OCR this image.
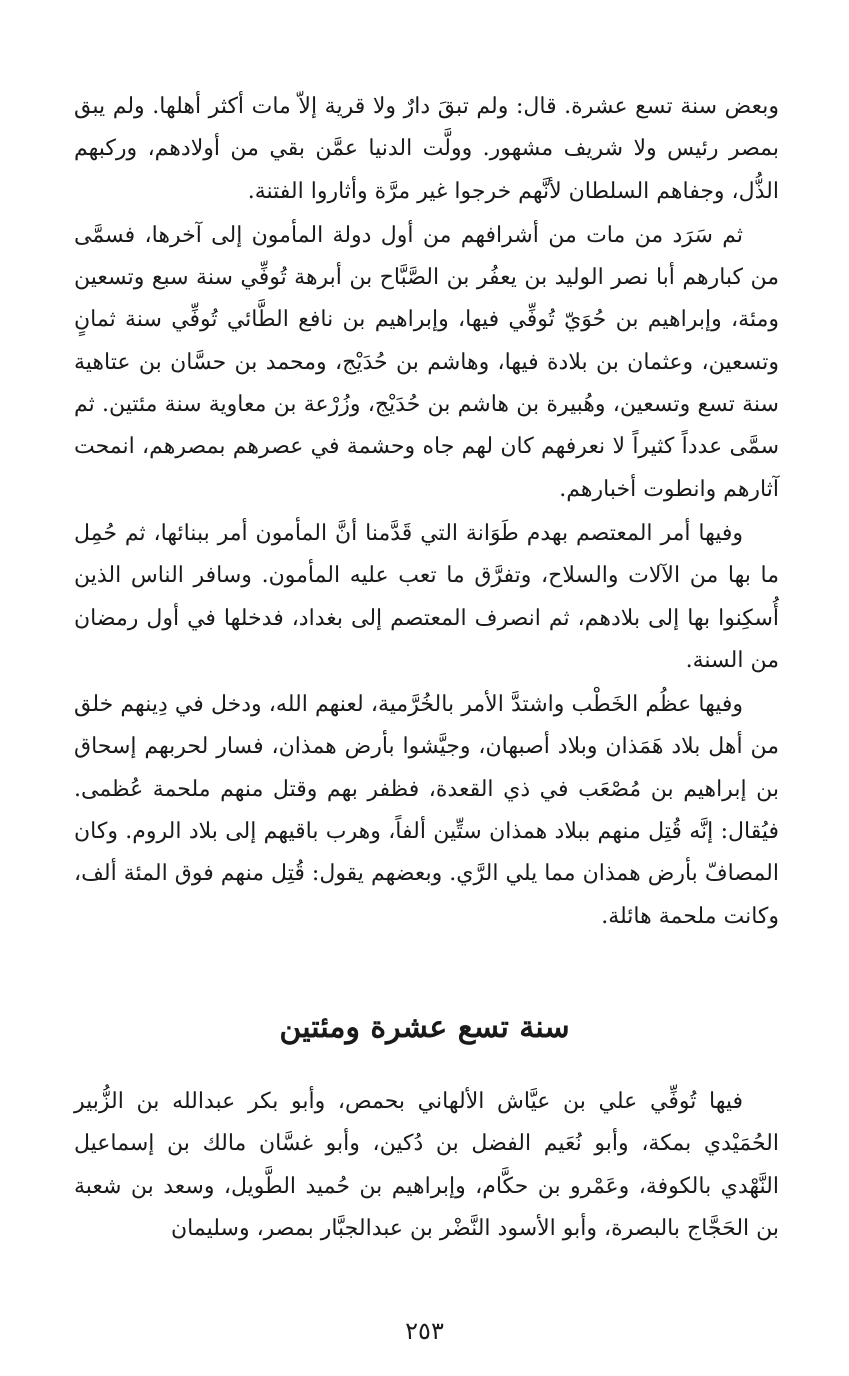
وبعض سنة تسع عشرة. قال: ولم تبقَ دارٌ ولا قرية إلاّ مات أكثر أهلها. ولم يبق بمصر رئيس ولا شريف مشهور. وولَّت الدنيا عمَّن بقي من أولادهم، وركبهم الذُّل، وجفاهم السلطان لأنَّهم خرجوا غير مرَّة وأثاروا الفتنة.

ثم سَرَد من مات من أشرافهم من أول دولة المأمون إلى آخرها، فسمَّى من كبارهم أبا نصر الوليد بن يعفُر بن الصَّبَّاح بن أبرهة تُوفِّي سنة سبع وتسعين ومئة، وإبراهيم بن حُوَيّ تُوفِّي فيها، وإبراهيم بن نافع الطَّائي تُوفِّي سنة ثمانٍ وتسعين، وعثمان بن بلادة فيها، وهاشم بن حُدَيْج، ومحمد بن حسَّان بن عتاهية سنة تسع وتسعين، وهُبيرة بن هاشم بن حُدَيْج، وزُرْعة بن معاوية سنة مئتين. ثم سمَّى عدداً كثيراً لا نعرفهم كان لهم جاه وحشمة في عصرهم بمصرهم، انمحت آثارهم وانطوت أخبارهم.

وفيها أمر المعتصم بهدم طَوَانة التي قَدَّمنا أنَّ المأمون أمر ببنائها، ثم حُمِل ما بها من الآلات والسلاح، وتفرَّق ما تعب عليه المأمون. وسافر الناس الذين أُسكِنوا بها إلى بلادهم، ثم انصرف المعتصم إلى بغداد، فدخلها في أول رمضان من السنة.

وفيها عظُم الخَطْب واشتدَّ الأمر بالخُرَّمية، لعنهم الله، ودخل في دِينهم خلق من أهل بلاد هَمَذان وبلاد أصبهان، وجيَّشوا بأرض همذان، فسار لحربهم إسحاق بن إبراهيم بن مُصْعَب في ذي القعدة، فظفر بهم وقتل منهم ملحمة عُظمى. فيُقال: إنَّه قُتِل منهم ببلاد همذان ستِّين ألفاً، وهرب باقيهم إلى بلاد الروم. وكان المصافّ بأرض همذان مما يلي الرَّي. وبعضهم يقول: قُتِل منهم فوق المئة ألف، وكانت ملحمة هائلة.

سنة تسع عشرة ومئتين

فيها تُوفِّي علي بن عيَّاش الألهاني بحمص، وأبو بكر عبدالله بن الزُّبير الحُمَيْدي بمكة، وأبو نُعَيم الفضل بن دُكين، وأبو غسَّان مالك بن إسماعيل النَّهْدي بالكوفة، وعَمْرو بن حكَّام، وإبراهيم بن حُميد الطَّويل، وسعد بن شعبة بن الحَجَّاج بالبصرة، وأبو الأسود النَّضْر بن عبدالجبَّار بمصر، وسليمان

٢٥٣
